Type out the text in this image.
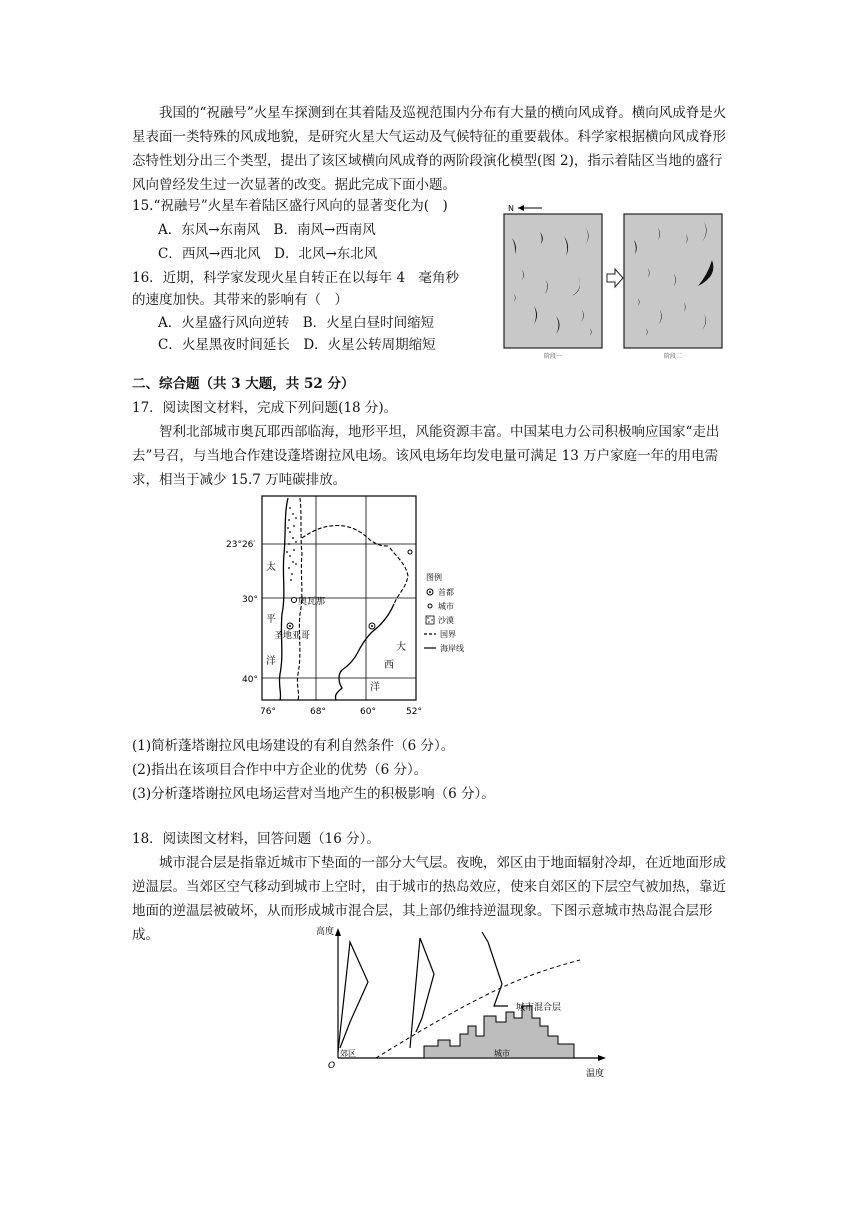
我国的“祝融号”火星车探测到在其着陆及巡视范围内分布有大量的横向风成脊。横向风成脊是火星表面一类特殊的风成地貌，是研究火星大气运动及气候特征的重要载体。科学家根据横向风成脊形态特性划分出三个类型，提出了该区域横向风成脊的两阶段演化模型(图 2)，指示着陆区当地的盛行风向曾经发生过一次显著的改变。据此完成下面小题。

15.“祝融号”火星车着陆区盛行风向的显著变化为(　)
A．东风→东南风　B．南风→西南风
C．西风→西北风　D．北风→东北风
16．近期，科学家发现火星自转正在以每年 4　毫角秒
的速度加快。其带来的影响有（　）
A．火星盛行风向逆转　B．火星白昼时间缩短
C．火星黑夜时间延长　D．火星公转周期缩短
N
阶段一	阶段二
二、综合题（共 3 大题，共 52 分）
17．阅读图文材料，完成下列问题(18 分)。

智利北部城市奥瓦耶西部临海，地形平坦，风能资源丰富。中国某电力公司积极响应国家“走出去”号召，与当地合作建设蓬塔谢拉风电场。该风电场年均发电量可满足 13 万户家庭一年的用电需求，相当于减少 15.7 万吨碳排放。

23°26′
30°
40°
76°	68°	60°	52°
太
平
洋
大
西
洋
奥瓦那
圣地亚哥
图例
首都
城市
沙漠
国界
海岸线
(1)简析蓬塔谢拉风电场建设的有利自然条件（6 分）。
(2)指出在该项目合作中中方企业的优势（6 分）。
(3)分析蓬塔谢拉风电场运营对当地产生的积极影响（6 分）。
18．阅读图文材料，回答问题（16 分）。

城市混合层是指靠近城市下垫面的一部分大气层。夜晚，郊区由于地面辐射冷却，在近地面形成逆温层。当郊区空气移动到城市上空时，由于城市的热岛效应，使来自郊区的下层空气被加热，靠近地面的逆温层被破坏，从而形成城市混合层，其上部仍维持逆温现象。下图示意城市热岛混合层形成。	高度
温度
O
城市
城市混合层
郊区
